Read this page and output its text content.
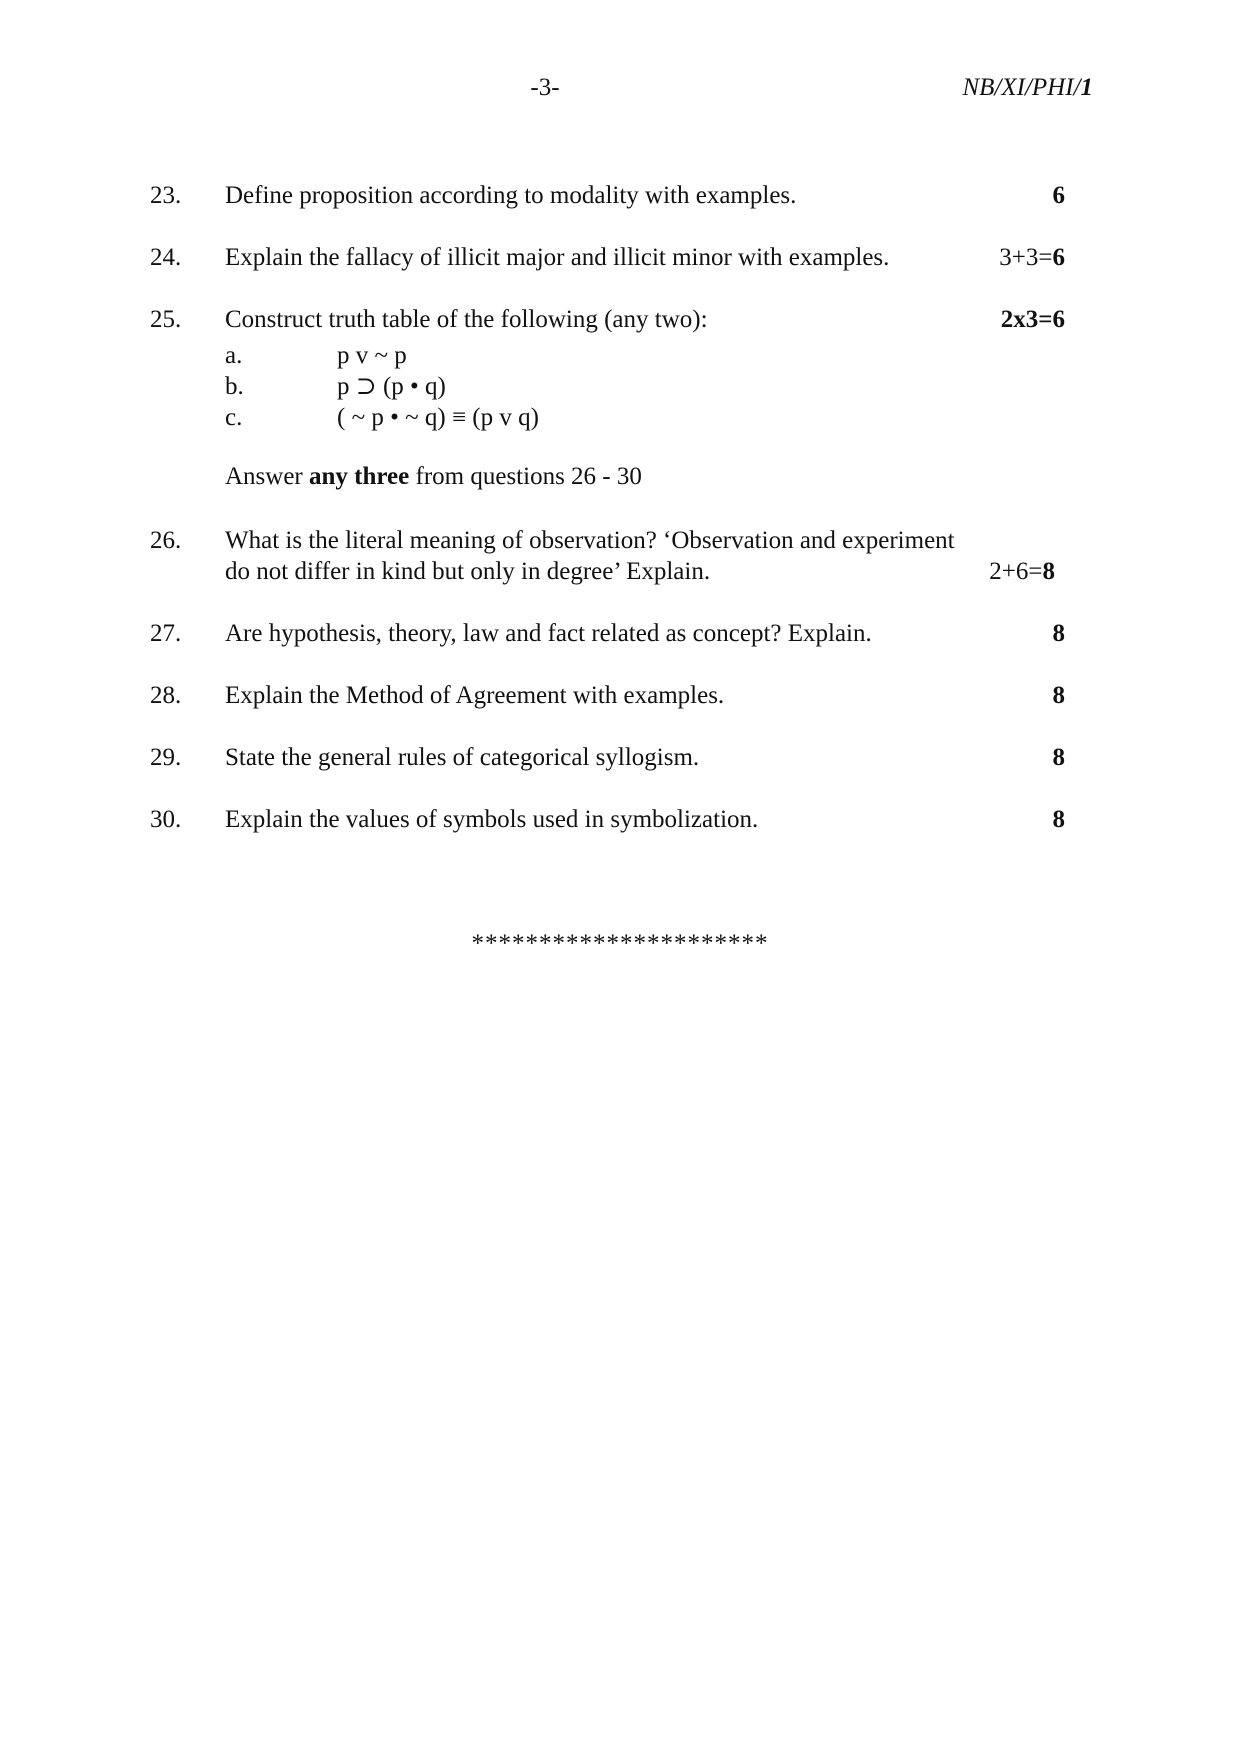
-3-	NB/XI/PHI/1
23. Define proposition according to modality with examples.	6
24. Explain the fallacy of illicit major and illicit minor with examples.	3+3=6
25. Construct truth table of the following (any two):	2x3=6
a.	p v ~ p
b.	p ⊃ (p • q)
c.	( ~ p • ~ q) ≡ (p v q)
Answer any three from questions 26 - 30
26. What is the literal meaning of observation? ‘Observation and experiment
do not differ in kind but only in degree’ Explain.	2+6=8
27. Are hypothesis, theory, law and fact related as concept? Explain.	8
28. Explain the Method of Agreement with examples.	8
29. State the general rules of categorical syllogism.	8
30. Explain the values of symbols used in symbolization.	8
**********************
